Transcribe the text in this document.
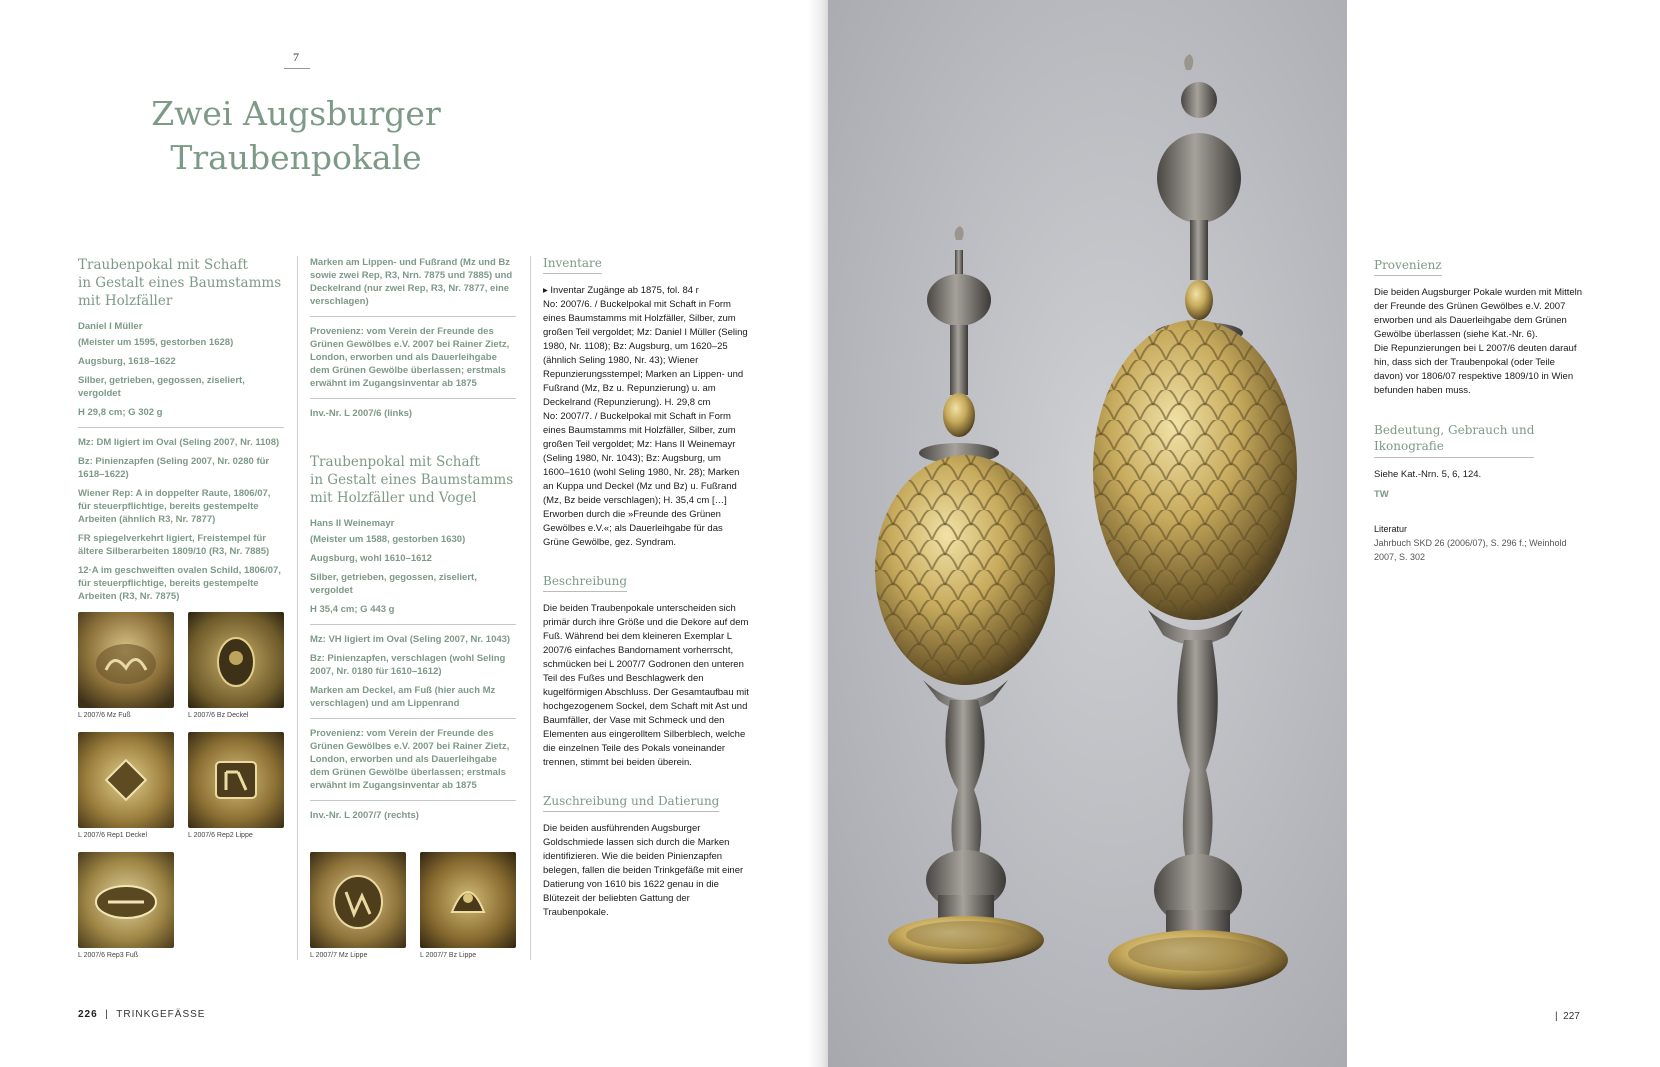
7
Zwei Augsburger
Traubenpokale
Traubenpokal mit Schaft
in Gestalt eines Baumstamms
mit Holzfäller
Daniel I Müller
(Meister um 1595, gestorben 1628)
Augsburg, 1618–1622
Silber, getrieben, gegossen, ziseliert, vergoldet
H 29,8 cm; G 302 g
Mz: DM ligiert im Oval (Seling 2007, Nr. 1108)
Bz: Pinienzapfen (Seling 2007, Nr. 0280 für 1618–1622)
Wiener Rep: A in doppelter Raute, 1806/07, für steuerpflichtige, bereits gestempelte Arbeiten (ähnlich R3, Nr. 7877)
FR spiegelverkehrt ligiert, Freistempel für ältere Silberarbeiten 1809/10 (R3, Nr. 7885)
12·A im geschweiften ovalen Schild, 1806/07, für steuerpflichtige, bereits gestempelte Arbeiten (R3, Nr. 7875)
L 2007/6 Mz Fuß	L 2007/6 Bz Deckel
L 2007/6 Rep1 Deckel	L 2007/6 Rep2 Lippe
L 2007/6 Rep3 Fuß
Marken am Lippen- und Fußrand (Mz und Bz sowie zwei Rep, R3, Nrn. 7875 und 7885) und Deckelrand (nur zwei Rep, R3, Nr. 7877, eine verschlagen)
Provenienz: vom Verein der Freunde des Grünen Gewölbes e.V. 2007 bei Rainer Zietz, London, erworben und als Dauerleihgabe dem Grünen Gewölbe überlassen; erstmals erwähnt im Zugangsinventar ab 1875
Inv.-Nr. L 2007/6 (links)
Traubenpokal mit Schaft
in Gestalt eines Baumstamms
mit Holzfäller und Vogel
Hans II Weinemayr
(Meister um 1588, gestorben 1630)
Augsburg, wohl 1610–1612
Silber, getrieben, gegossen, ziseliert, vergoldet
H 35,4 cm; G 443 g
Mz: VH ligiert im Oval (Seling 2007, Nr. 1043)
Bz: Pinienzapfen, verschlagen (wohl Seling 2007, Nr. 0180 für 1610–1612)
Marken am Deckel, am Fuß (hier auch Mz verschlagen) und am Lippenrand
Provenienz: vom Verein der Freunde des Grünen Gewölbes e.V. 2007 bei Rainer Zietz, London, erworben und als Dauerleihgabe dem Grünen Gewölbe überlassen; erstmals erwähnt im Zugangsinventar ab 1875
Inv.-Nr. L 2007/7 (rechts)
L 2007/7 Mz Lippe	L 2007/7 Bz Lippe
Inventare
▸ Inventar Zugänge ab 1875, fol. 84 r
No: 2007/6. / Buckelpokal mit Schaft in Form eines Baumstamms mit Holzfäller, Silber, zum großen Teil vergoldet; Mz: Daniel I Müller (Seling 1980, Nr. 1108); Bz: Augsburg, um 1620–25 (ähnlich Seling 1980, Nr. 43); Wiener Repunzierungsstempel; Marken an Lippen- und Fußrand (Mz, Bz u. Repunzierung) u. am Deckelrand (Repunzierung). H. 29,8 cm
No: 2007/7. / Buckelpokal mit Schaft in Form eines Baumstamms mit Holzfäller, Silber, zum großen Teil vergoldet; Mz: Hans II Weinemayr (Seling 1980, Nr. 1043); Bz: Augsburg, um 1600–1610 (wohl Seling 1980, Nr. 28); Marken an Kuppa und Deckel (Mz und Bz) u. Fußrand (Mz, Bz beide verschlagen); H. 35,4 cm […] Erworben durch die »Freunde des Grünen Gewölbes e.V.«; als Dauerleihgabe für das Grüne Gewölbe, gez. Syndram.
Beschreibung
Die beiden Traubenpokale unterscheiden sich primär durch ihre Größe und die Dekore auf dem Fuß. Während bei dem kleineren Exemplar L 2007/6 einfaches Bandornament vorherrscht, schmücken bei L 2007/7 Godronen den unteren Teil des Fußes und Beschlagwerk den kugelförmigen Abschluss. Der Gesamtaufbau mit hochgezogenem Sockel, dem Schaft mit Ast und Baumfäller, der Vase mit Schmeck und den Elementen aus eingerolltem Silberblech, welche die einzelnen Teile des Pokals voneinander trennen, stimmt bei beiden überein.
Zuschreibung und Datierung
Die beiden ausführenden Augsburger Goldschmiede lassen sich durch die Marken identifizieren. Wie die beiden Pinienzapfen belegen, fallen die beiden Trinkgefäße mit einer Datierung von 1610 bis 1622 genau in die Blütezeit der beliebten Gattung der Traubenpokale.
226  |  TRINKGEFÄSSE
Provenienz
Die beiden Augsburger Pokale wurden mit Mitteln der Freunde des Grünen Gewölbes e.V. 2007 erworben und als Dauerleihgabe dem Grünen Gewölbe überlassen (siehe Kat.-Nr. 6).
Die Repunzierungen bei L 2007/6 deuten darauf hin, dass sich der Traubenpokal (oder Teile davon) vor 1806/07 respektive 1809/10 in Wien befunden haben muss.
Bedeutung, Gebrauch und
Ikonografie
Siehe Kat.-Nrn. 5, 6, 124.
TW
Literatur
Jahrbuch SKD 26 (2006/07), S. 296 f.; Weinhold 2007, S. 302
|  227
